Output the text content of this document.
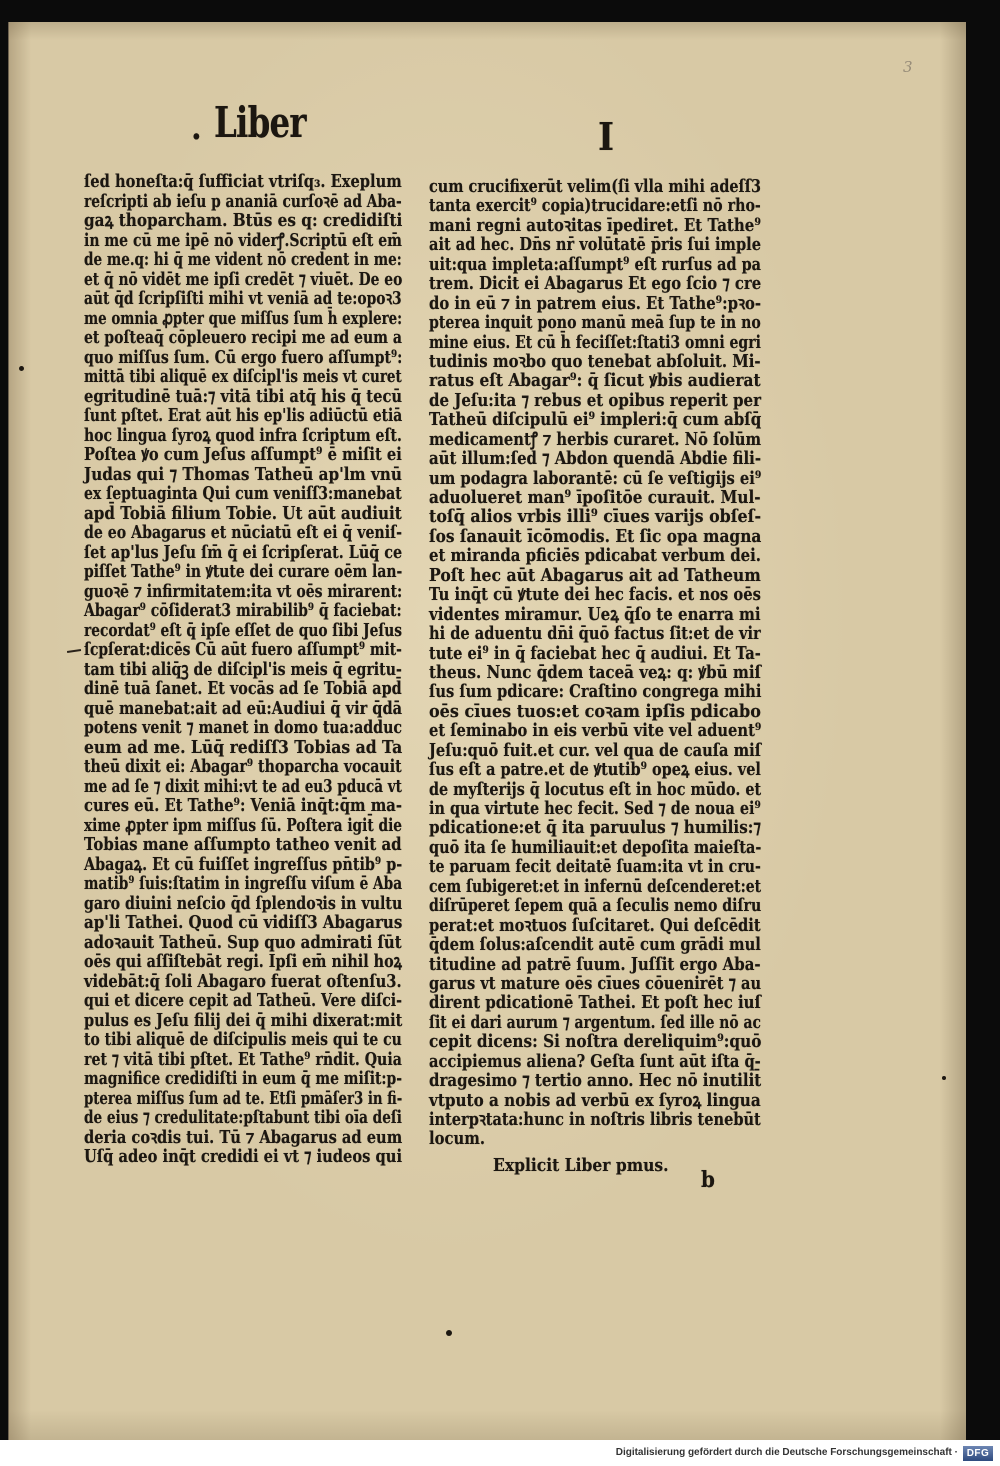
3
. Liber	I
ſed honeſta:q̄ ſufficiat vtriſq₃. Exeplum
reſcripti ab ieſu p ananiā curſoꝛē ad Aba-
gaꝝ thoparcham. Btūs es q: credidiſti
in me cū me ipē nō viderꝭ.Scriptū eſt em̄
de me.q: hi q̄ me vident nō credent in me:
et q̄ nō vidēt me ipſi credēt ⁊ viuēt. De eo
aūt q̄d ſcripſiſti mihi vt veniā ad te:opoꝛ3
me omnia ꝓpter que miſſus ſum h̄ explere:
et poſteaq̄ cōpleuero recipi me ad eum a
quo miſſus ſum. Cū ergo fuero aſſumpt⁹:
mittā tibi aliquē ex diſcipl'is meis vt curet
egritudinē tuā:⁊ vitā tibi atq̄ his q̄ tecū
ſunt pſtet. Erat aūt his ep'lis adiūctū etiā
hoc lingua ſyroꝝ quod infra ſcriptum eſt.
Poſtea ꝟo cum Jeſus aſſumpt⁹ ē miſit ei
Judas qui ⁊ Thomas Tatheū ap'lm vnū
ex ſeptuaginta Qui cum veniſſ3:manebat
apd̄ Tobiā filium Tobie. Ut aūt audiuit
de eo Abagarus et nūciatū eſt ei q̄ veniſ-
ſet ap'lus Jeſu ſm̄ q̄ ei ſcripſerat. Lūq̄ ce
piſſet Tathe⁹ in ꝟtute dei curare oēm lan-
guoꝛē ⁊ infirmitatem:ita vt oēs mirarent:
Abagar⁹ cōſiderat3 mirabilib⁹ q̄ faciebat:
recordat⁹ eſt q̄ ipſe eſſet de quo ſibi Jeſus
ſcpſerat:dicēs Cū aūt fuero aſſumpt⁹ mit-
tam tibi aliq̄ꝫ de diſcipl'is meis q̄ egritu-
dinē tuā ſanet. Et vocās ad ſe Tobiā apd̄
quē manebat:ait ad eū:Audiui q̄ vir q̄dā
potens venit ⁊ manet in domo tua:adduc
eum ad me. Lūq̄ rediſſ3 Tobias ad Ta
theū dixit ei: Abagar⁹ thoparcha vocauit
me ad ſe ⁊ dixit mihi:vt te ad eu3 pducā vt
cures eū. Et Tathe⁹: Veniā inq̄t:q̄m ma-
xime ꝓpter ipm miſſus ſū. Poſtera igit̄ die
Tobias mane aſſumpto tatheo venit ad
Abagaꝝ. Et cū fuiſſet ingreſſus pn̄tib⁹ p-
matib⁹ ſuis:ſtatim in ingreſſu viſum ē Aba
garo diuini neſcio q̄d ſplendoꝛis in vultu
ap'li Tathei. Quod cū vidiſſ3 Abagarus
adoꝛauit Tatheū. Sup quo admirati ſūt
oēs qui aſſiſtebāt regi. Ipſi em̄ nihil hoꝝ
videbāt:q̄ ſoli Abagaro fuerat oſtenſu3.
qui et dicere cepit ad Tatheū. Vere diſci-
pulus es Jeſu filij dei q̄ mihi dixerat:mit
to tibi aliquē de diſcipulis meis qui te cu
ret ⁊ vitā tibi pſtet. Et Tathe⁹ rn̄dit. Quia
magnifice credidiſti in eum q̄ me miſit:p-
pterea miſſus ſum ad te. Etſi pmāſer3 in fi-
de eius ⁊ credulitate:pſtabunt tibi oīa deſi
deria coꝛdis tui. Tū ⁊ Abagarus ad eum
Uſq̄ adeo inq̄t credidi ei vt ⁊ iudeos qui
cum crucifixerūt velim(ſi vlla mihi adeſſ3
tanta exercit⁹ copia)trucidare:etſi nō rho-
mani regni autoꝛitas īpediret. Et Tathe⁹
ait ad hec. Dn̄s nr̄ volūtatē p̄ris ſui imple
uit:qua impleta:aſſumpt⁹ eſt rurſus ad pa
trem. Dicit ei Abagarus Et ego ſcio ⁊ cre
do in eū ⁊ in patrem eius. Et Tathe⁹:pꝛo-
pterea inquit pono manū meā ſup te in no
mine eius. Et cū h̄ feciſſet:ſtati3 omni egri
tudinis moꝛbo quo tenebat abſoluit. Mi-
ratus eſt Abagar⁹: q̄ ſicut ꝟbis audierat
de Jeſu:ita ⁊ rebus et opibus reperit per
Tatheū diſcipulū ei⁹ impleri:q̄ cum abſq̄
medicamentꝭ ⁊ herbis curaret. Nō ſolūm
aūt illum:ſed ⁊ Abdon quendā Abdie fili-
um podagra laborantē: cū ſe veſtigijs ei⁹
aduolueret man⁹ īpoſitōe curauit. Mul-
toſq̄ alios vrbis illi⁹ cīues varijs obſeſ-
ſos ſanauit īcōmodis. Et ſic opa magna
et miranda pficiēs pdicabat verbum dei.
Poſt hec aūt Abagarus ait ad Tatheum
Tu inq̄t cū ꝟtute dei hec facis. et nos oēs
videntes miramur. Ueꝝ q̄ſo te enarra mi
hi de aduentu dn̄i q̄uō factus ſit:et de vir
tute ei⁹ in q̄ faciebat hec q̄ audiui. Et Ta-
theus. Nunc q̄dem taceā veꝝ: q: ꝟbū miſ
ſus ſum pdicare: Craſtino congrega mihi
oēs cīues tuos:et coꝛam ipſis pdicabo
et ſeminabo in eis verbū vite vel aduent⁹
Jeſu:quō fuit.et cur. vel qua de cauſa miſ
ſus eſt a patre.et de ꝟtutib⁹ opeꝝ eius. vel
de myſterijs q̄ locutus eſt in hoc mūdo. et
in qua virtute hec fecit. Sed ⁊ de noua ei⁹
pdicatione:et q̄ ita paruulus ⁊ humilis:⁊
quō ita ſe humiliauit:et depoſita maieſta-
te paruam fecit deitatē ſuam:ita vt in cru-
cem ſubigeret:et in infernū deſcenderet:et
diſrūperet ſepem quā a ſeculis nemo diſru
perat:et moꝛtuos ſuſcitaret. Qui deſcēdit
q̄dem ſolus:aſcendit autē cum grādi mul
titudine ad patrē ſuum. Juſſit ergo Aba-
garus vt mature oēs cīues cōuenirēt ⁊ au
dirent pdicationē Tathei. Et poſt hec iuſ
ſit ei dari aurum ⁊ argentum. ſed ille nō ac
cepit dicens: Si noſtra dereliquim⁹:quō
accipiemus aliena? Geſta ſunt aūt iſta q̄-
dragesimo ⁊ tertio anno. Hec nō inutilit̄
vtputo a nobis ad verbū ex ſyroꝝ lingua
interpꝛtata:hunc in noſtris libris tenebūt
locum.
Explicit Liber pmus.
b
Digitalisierung gefördert durch die Deutsche Forschungsgemeinschaft · DFG
